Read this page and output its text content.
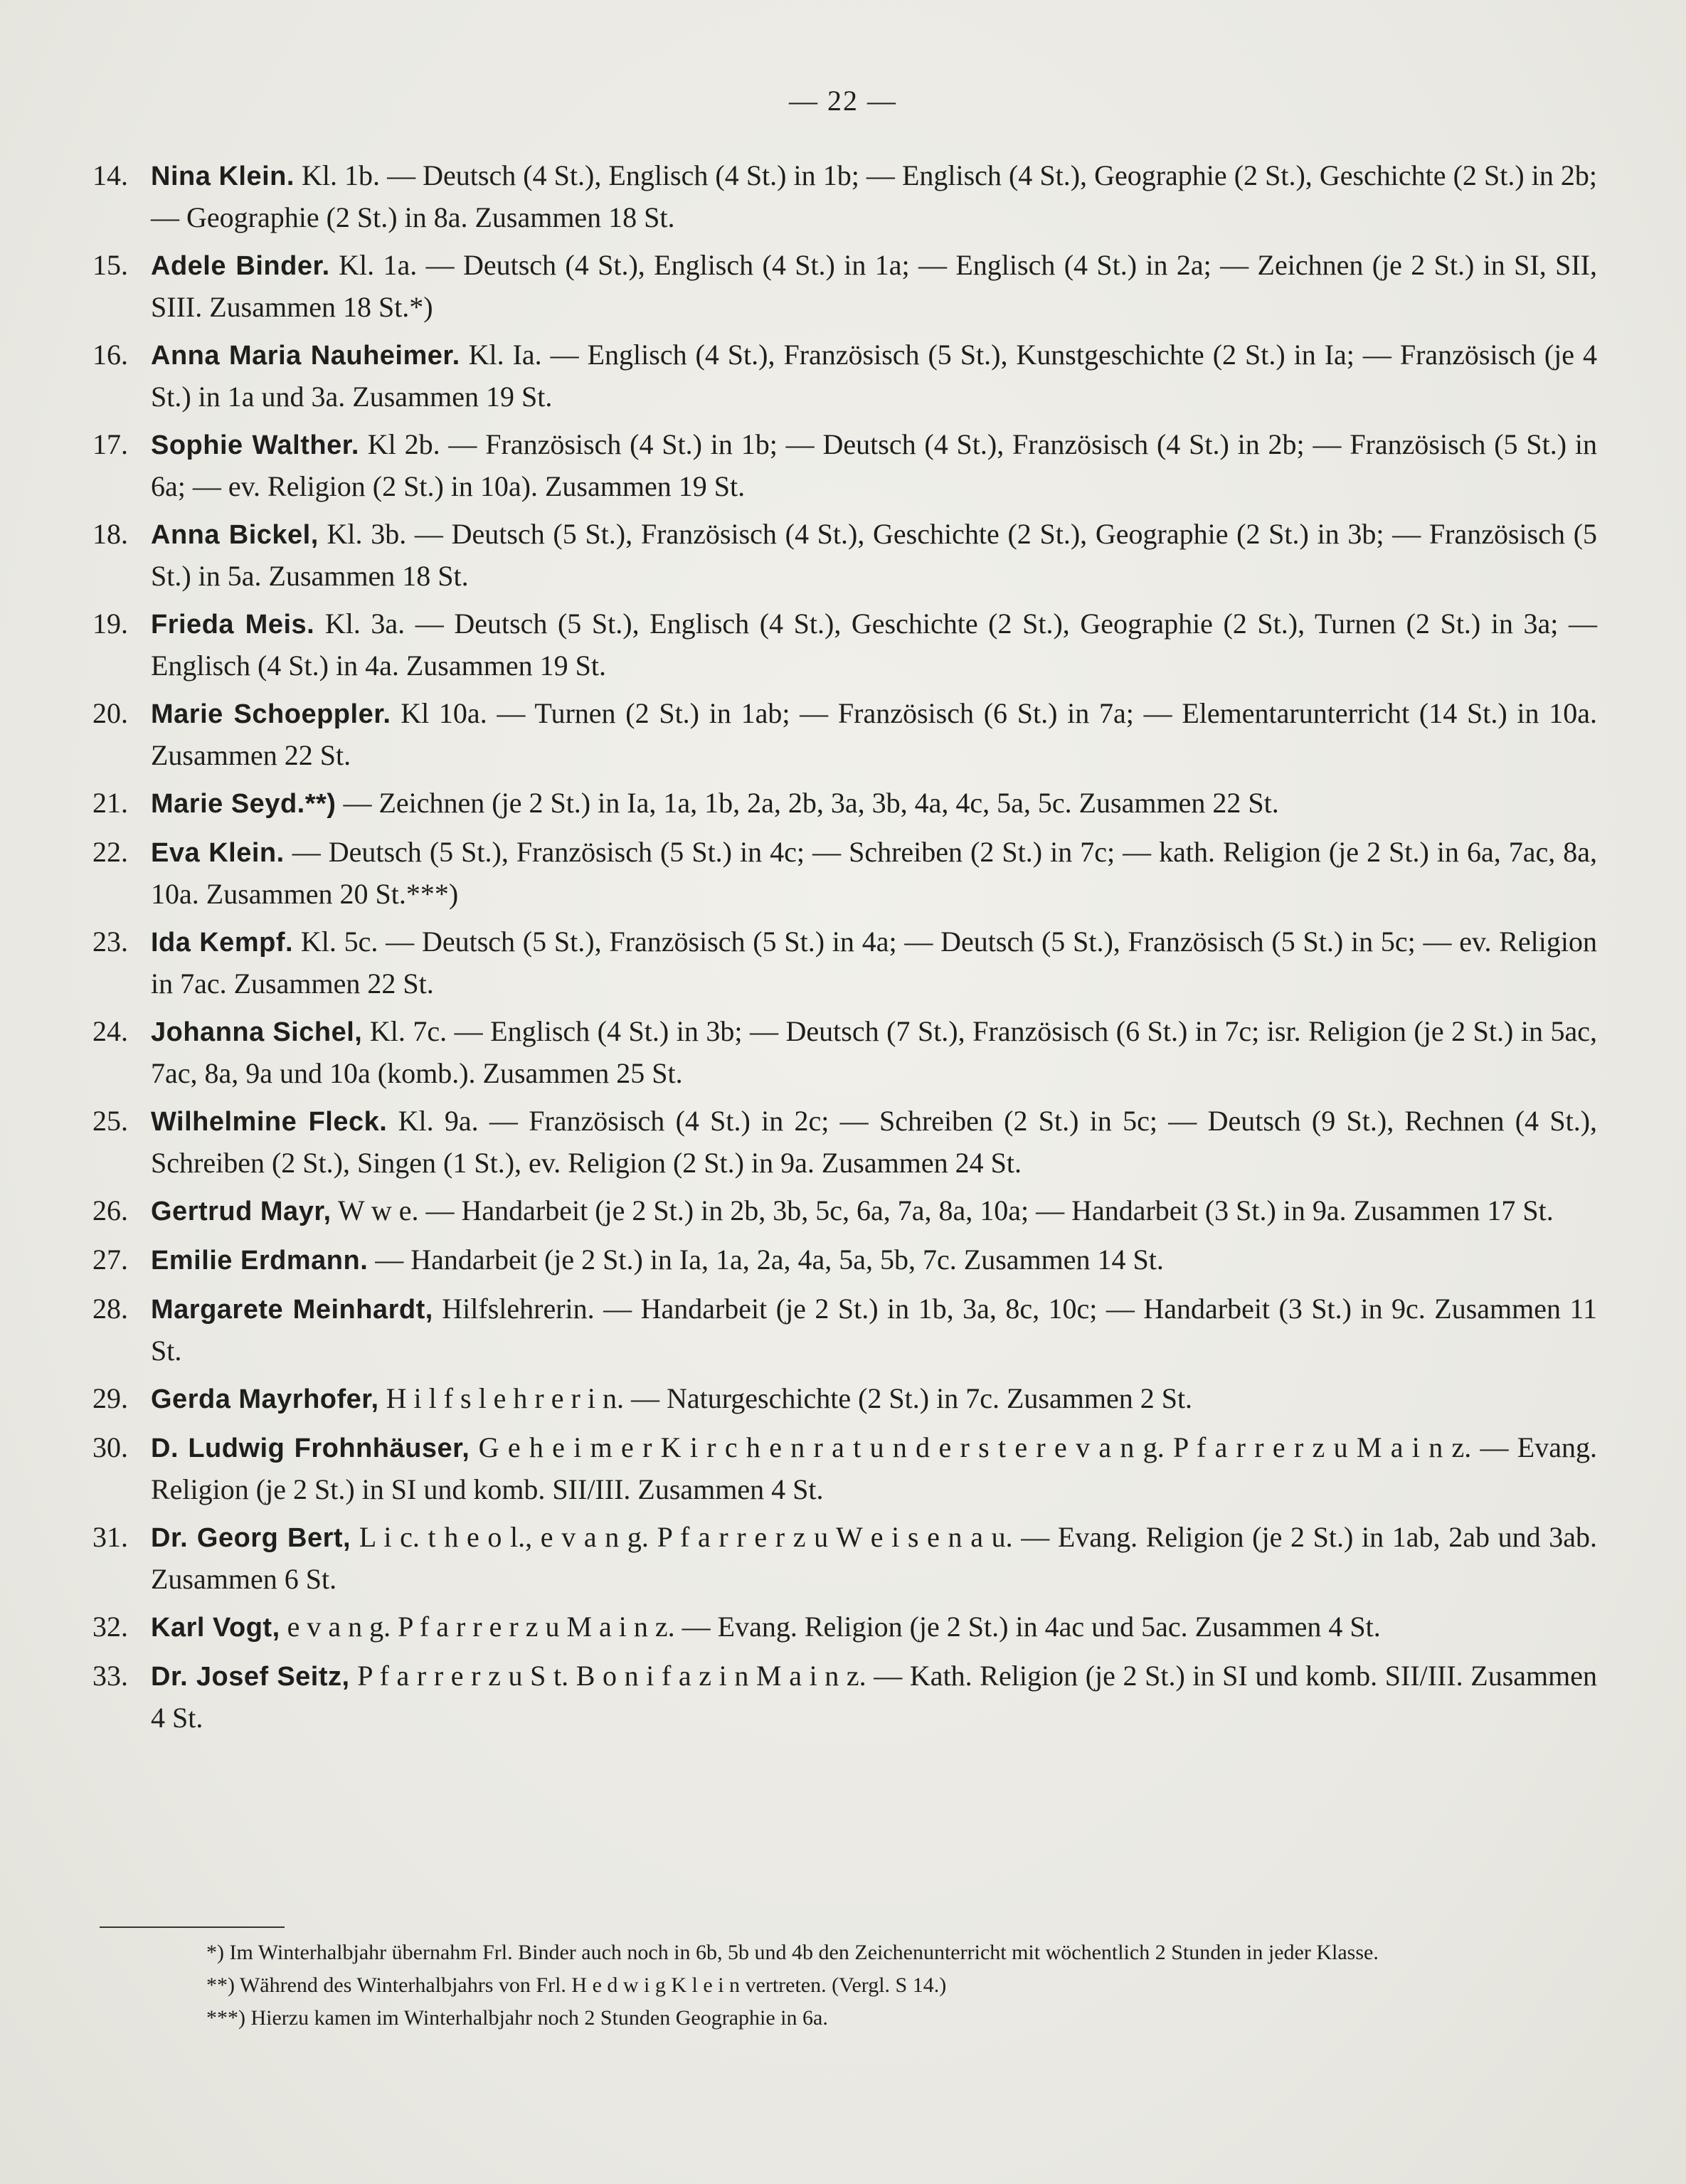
— 22 —
14. Nina Klein. Kl. 1b. — Deutsch (4 St.), Englisch (4 St.) in 1b; — Englisch (4 St.), Geographie (2 St.), Geschichte (2 St.) in 2b; — Geographie (2 St.) in 8a. Zusammen 18 St.
15. Adele Binder. Kl. 1a. — Deutsch (4 St.), Englisch (4 St.) in 1a; — Englisch (4 St.) in 2a; — Zeichnen (je 2 St.) in SI, SII, SIII. Zusammen 18 St.*)
16. Anna Maria Nauheimer. Kl. Ia. — Englisch (4 St.), Französisch (5 St.), Kunstgeschichte (2 St.) in Ia; — Französisch (je 4 St.) in 1a und 3a. Zusammen 19 St.
17. Sophie Walther. Kl 2b. — Französisch (4 St.) in 1b; — Deutsch (4 St.), Französisch (4 St.) in 2b; — Französisch (5 St.) in 6a; — ev. Religion (2 St.) in 10a). Zusammen 19 St.
18. Anna Bickel, Kl. 3b. — Deutsch (5 St.), Französisch (4 St.), Geschichte (2 St.), Geographie (2 St.) in 3b; — Französisch (5 St.) in 5a. Zusammen 18 St.
19. Frieda Meis. Kl. 3a. — Deutsch (5 St.), Englisch (4 St.), Geschichte (2 St.), Geographie (2 St.), Turnen (2 St.) in 3a; — Englisch (4 St.) in 4a. Zusammen 19 St.
20. Marie Schoeppler. Kl 10a. — Turnen (2 St.) in 1ab; — Französisch (6 St.) in 7a; — Elementarunterricht (14 St.) in 10a. Zusammen 22 St.
21. Marie Seyd.**) — Zeichnen (je 2 St.) in Ia, 1a, 1b, 2a, 2b, 3a, 3b, 4a, 4c, 5a, 5c. Zusammen 22 St.
22. Eva Klein. — Deutsch (5 St.), Französisch (5 St.) in 4c; — Schreiben (2 St.) in 7c; — kath. Religion (je 2 St.) in 6a, 7ac, 8a, 10a. Zusammen 20 St.***)
23. Ida Kempf. Kl. 5c. — Deutsch (5 St.), Französisch (5 St.) in 4a; — Deutsch (5 St.), Französisch (5 St.) in 5c; — ev. Religion in 7ac. Zusammen 22 St.
24. Johanna Sichel, Kl. 7c. — Englisch (4 St.) in 3b; — Deutsch (7 St.), Französisch (6 St.) in 7c; isr. Religion (je 2 St.) in 5ac, 7ac, 8a, 9a und 10a (komb.). Zusammen 25 St.
25. Wilhelmine Fleck. Kl. 9a. — Französisch (4 St.) in 2c; — Schreiben (2 St.) in 5c; — Deutsch (9 St.), Rechnen (4 St.), Schreiben (2 St.), Singen (1 St.), ev. Religion (2 St.) in 9a. Zusammen 24 St.
26. Gertrud Mayr, W w e. — Handarbeit (je 2 St.) in 2b, 3b, 5c, 6a, 7a, 8a, 10a; — Handarbeit (3 St.) in 9a. Zusammen 17 St.
27. Emilie Erdmann. — Handarbeit (je 2 St.) in Ia, 1a, 2a, 4a, 5a, 5b, 7c. Zusammen 14 St.
28. Margarete Meinhardt, Hilfslehrerin. — Handarbeit (je 2 St.) in 1b, 3a, 8c, 10c; — Handarbeit (3 St.) in 9c. Zusammen 11 St.
29. Gerda Mayrhofer, H i l f s l e h r e r i n. — Naturgeschichte (2 St.) in 7c. Zusammen 2 St.
30. D. Ludwig Frohnhäuser, G e h e i m e r K i r c h e n r a t u n d e r s t e r e v a n g. P f a r r e r z u M a i n z. — Evang. Religion (je 2 St.) in SI und komb. SII/III. Zusammen 4 St.
31. Dr. Georg Bert, L i c. t h e o l., e v a n g. P f a r r e r z u W e i s e n a u. — Evang. Religion (je 2 St.) in 1ab, 2ab und 3ab. Zusammen 6 St.
32. Karl Vogt, e v a n g. P f a r r e r z u M a i n z. — Evang. Religion (je 2 St.) in 4ac und 5ac. Zusammen 4 St.
33. Dr. Josef Seitz, P f a r r e r z u S t. B o n i f a z i n M a i n z. — Kath. Religion (je 2 St.) in SI und komb. SII/III. Zusammen 4 St.
*) Im Winterhalbjahr übernahm Frl. Binder auch noch in 6b, 5b und 4b den Zeichenunterricht mit wöchentlich 2 Stunden in jeder Klasse.
**) Während des Winterhalbjahrs von Frl. H e d w i g K l e i n vertreten. (Vergl. S 14.)
***) Hierzu kamen im Winterhalbjahr noch 2 Stunden Geographie in 6a.
